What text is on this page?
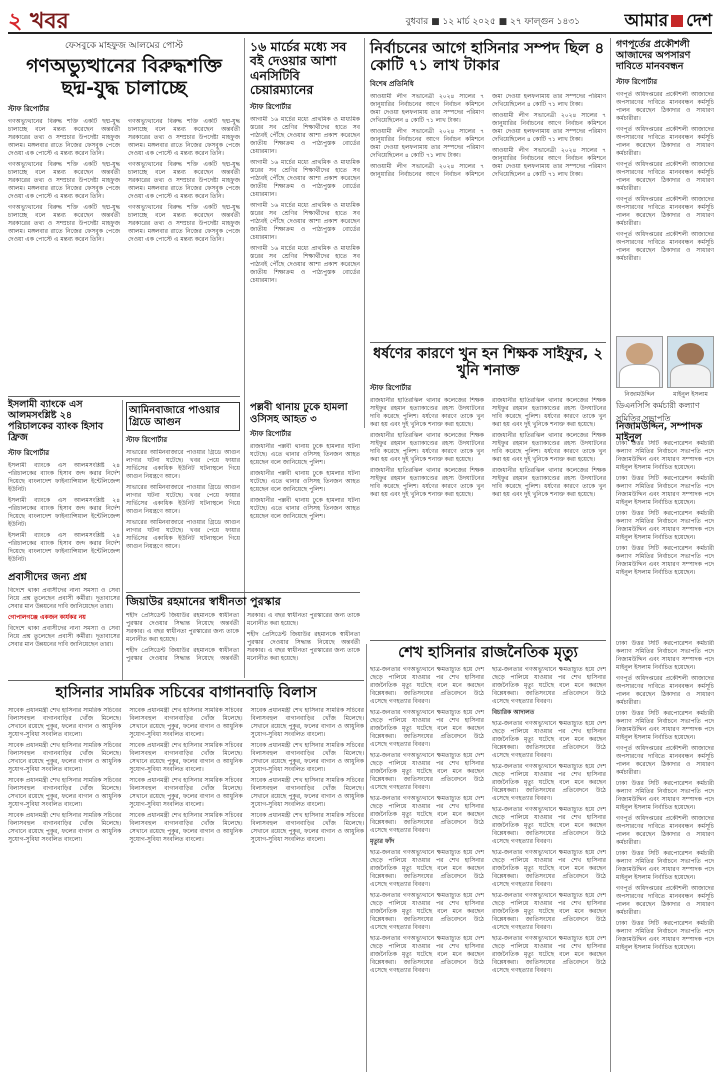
২ খবর	বুধবার ■ ১২ মার্চ ২০২৫ ■ ২৭ ফাল্গুন ১৪৩১	আমার দেশ
ফেসবুকে মাহফুজ আলমের পোস্ট
গণঅভ্যুত্থানের বিরুদ্ধশক্তি ছদ্ম-যুদ্ধ চালাচ্ছে
স্টাফ রিপোর্টার

গণঅভ্যুত্থানের বিরুদ্ধ শক্তি একটি ছদ্ম-যুদ্ধ চালাচ্ছে বলে মন্তব্য করেছেন অন্তর্বর্তী সরকারের তথ্য ও সম্প্রচার উপদেষ্টা মাহফুজ আলম। মঙ্গলবার রাতে নিজের ফেসবুক পেজে দেওয়া এক পোস্টে এ মন্তব্য করেন তিনি।

গণঅভ্যুত্থানের বিরুদ্ধ শক্তি একটি ছদ্ম-যুদ্ধ চালাচ্ছে বলে মন্তব্য করেছেন অন্তর্বর্তী সরকারের তথ্য ও সম্প্রচার উপদেষ্টা মাহফুজ আলম। মঙ্গলবার রাতে নিজের ফেসবুক পেজে দেওয়া এক পোস্টে এ মন্তব্য করেন তিনি।

গণঅভ্যুত্থানের বিরুদ্ধ শক্তি একটি ছদ্ম-যুদ্ধ চালাচ্ছে বলে মন্তব্য করেছেন অন্তর্বর্তী সরকারের তথ্য ও সম্প্রচার উপদেষ্টা মাহফুজ আলম। মঙ্গলবার রাতে নিজের ফেসবুক পেজে দেওয়া এক পোস্টে এ মন্তব্য করেন তিনি।

গণঅভ্যুত্থানের বিরুদ্ধ শক্তি একটি ছদ্ম-যুদ্ধ চালাচ্ছে বলে মন্তব্য করেছেন অন্তর্বর্তী সরকারের তথ্য ও সম্প্রচার উপদেষ্টা মাহফুজ আলম। মঙ্গলবার রাতে নিজের ফেসবুক পেজে দেওয়া এক পোস্টে এ মন্তব্য করেন তিনি।

গণঅভ্যুত্থানের বিরুদ্ধ শক্তি একটি ছদ্ম-যুদ্ধ চালাচ্ছে বলে মন্তব্য করেছেন অন্তর্বর্তী সরকারের তথ্য ও সম্প্রচার উপদেষ্টা মাহফুজ আলম। মঙ্গলবার রাতে নিজের ফেসবুক পেজে দেওয়া এক পোস্টে এ মন্তব্য করেন তিনি।

গণঅভ্যুত্থানের বিরুদ্ধ শক্তি একটি ছদ্ম-যুদ্ধ চালাচ্ছে বলে মন্তব্য করেছেন অন্তর্বর্তী সরকারের তথ্য ও সম্প্রচার উপদেষ্টা মাহফুজ আলম। মঙ্গলবার রাতে নিজের ফেসবুক পেজে দেওয়া এক পোস্টে এ মন্তব্য করেন তিনি।

১৬ মার্চের মধ্যে সব বই দেওয়ার আশা এনসিটিবি চেয়ারম্যানের
স্টাফ রিপোর্টার

আগামী ১৬ মার্চের মধ্যে প্রাথমিক ও মাধ্যমিক স্তরের সব শ্রেণির শিক্ষার্থীদের হাতে সব পাঠ্যবই পৌঁছে দেওয়ার আশা প্রকাশ করেছেন জাতীয় শিক্ষাক্রম ও পাঠ্যপুস্তক বোর্ডের চেয়ারম্যান।

আগামী ১৬ মার্চের মধ্যে প্রাথমিক ও মাধ্যমিক স্তরের সব শ্রেণির শিক্ষার্থীদের হাতে সব পাঠ্যবই পৌঁছে দেওয়ার আশা প্রকাশ করেছেন জাতীয় শিক্ষাক্রম ও পাঠ্যপুস্তক বোর্ডের চেয়ারম্যান।

আগামী ১৬ মার্চের মধ্যে প্রাথমিক ও মাধ্যমিক স্তরের সব শ্রেণির শিক্ষার্থীদের হাতে সব পাঠ্যবই পৌঁছে দেওয়ার আশা প্রকাশ করেছেন জাতীয় শিক্ষাক্রম ও পাঠ্যপুস্তক বোর্ডের চেয়ারম্যান।

আগামী ১৬ মার্চের মধ্যে প্রাথমিক ও মাধ্যমিক স্তরের সব শ্রেণির শিক্ষার্থীদের হাতে সব পাঠ্যবই পৌঁছে দেওয়ার আশা প্রকাশ করেছেন জাতীয় শিক্ষাক্রম ও পাঠ্যপুস্তক বোর্ডের চেয়ারম্যান।

নির্বাচনের আগে হাসিনার সম্পদ ছিল ৪ কোটি ৭১ লাখ টাকার
বিশেষ প্রতিনিধি

আওয়ামী লীগ সভানেত্রী ২০২৪ সালের ৭ জানুয়ারির নির্বাচনের আগে নির্বাচন কমিশনে জমা দেওয়া হলফনামায় তার সম্পদের পরিমাণ দেখিয়েছিলেন ৪ কোটি ৭১ লাখ টাকা।

আওয়ামী লীগ সভানেত্রী ২০২৪ সালের ৭ জানুয়ারির নির্বাচনের আগে নির্বাচন কমিশনে জমা দেওয়া হলফনামায় তার সম্পদের পরিমাণ দেখিয়েছিলেন ৪ কোটি ৭১ লাখ টাকা।

আওয়ামী লীগ সভানেত্রী ২০২৪ সালের ৭ জানুয়ারির নির্বাচনের আগে নির্বাচন কমিশনে জমা দেওয়া হলফনামায় তার সম্পদের পরিমাণ দেখিয়েছিলেন ৪ কোটি ৭১ লাখ টাকা।

আওয়ামী লীগ সভানেত্রী ২০২৪ সালের ৭ জানুয়ারির নির্বাচনের আগে নির্বাচন কমিশনে জমা দেওয়া হলফনামায় তার সম্পদের পরিমাণ দেখিয়েছিলেন ৪ কোটি ৭১ লাখ টাকা।

আওয়ামী লীগ সভানেত্রী ২০২৪ সালের ৭ জানুয়ারির নির্বাচনের আগে নির্বাচন কমিশনে জমা দেওয়া হলফনামায় তার সম্পদের পরিমাণ দেখিয়েছিলেন ৪ কোটি ৭১ লাখ টাকা।

গণপূর্তের প্রকৌশলী আজাদের অপসারণ দাবিতে মানববন্ধন
স্টাফ রিপোর্টার

গণপূর্ত অধিদপ্তরের প্রকৌশলী আজাদের অপসারণের দাবিতে মানববন্ধন কর্মসূচি পালন করেছেন ঠিকাদার ও সাধারণ কর্মচারীরা।

গণপূর্ত অধিদপ্তরের প্রকৌশলী আজাদের অপসারণের দাবিতে মানববন্ধন কর্মসূচি পালন করেছেন ঠিকাদার ও সাধারণ কর্মচারীরা।

গণপূর্ত অধিদপ্তরের প্রকৌশলী আজাদের অপসারণের দাবিতে মানববন্ধন কর্মসূচি পালন করেছেন ঠিকাদার ও সাধারণ কর্মচারীরা।

গণপূর্ত অধিদপ্তরের প্রকৌশলী আজাদের অপসারণের দাবিতে মানববন্ধন কর্মসূচি পালন করেছেন ঠিকাদার ও সাধারণ কর্মচারীরা।

গণপূর্ত অধিদপ্তরের প্রকৌশলী আজাদের অপসারণের দাবিতে মানববন্ধন কর্মসূচি পালন করেছেন ঠিকাদার ও সাধারণ কর্মচারীরা।

ইসলামী ব্যাংকে এস আলমসংশ্লিষ্ট ২৪ পরিচালকের ব্যাংক হিসাব ফ্রিজ
স্টাফ রিপোর্টার

ইসলামী ব্যাংকে এস আলমসংশ্লিষ্ট ২৪ পরিচালকের ব্যাংক হিসাব জব্দ করার নির্দেশ দিয়েছে বাংলাদেশ ফাইন্যান্সিয়াল ইন্টেলিজেন্স ইউনিট।

ইসলামী ব্যাংকে এস আলমসংশ্লিষ্ট ২৪ পরিচালকের ব্যাংক হিসাব জব্দ করার নির্দেশ দিয়েছে বাংলাদেশ ফাইন্যান্সিয়াল ইন্টেলিজেন্স ইউনিট।

ইসলামী ব্যাংকে এস আলমসংশ্লিষ্ট ২৪ পরিচালকের ব্যাংক হিসাব জব্দ করার নির্দেশ দিয়েছে বাংলাদেশ ফাইন্যান্সিয়াল ইন্টেলিজেন্স ইউনিট।

প্রবাসীদের জন্য প্রশ্ন

বিদেশে থাকা প্রবাসীদের নানা সমস্যা ও সেবা নিয়ে প্রশ্ন তুলেছেন প্রবাসী কর্মীরা। দূতাবাসের সেবার মান উন্নয়নের দাবি জানিয়েছেন তারা।

গোপালগঞ্জে একজন কার্যকর নয়

বিদেশে থাকা প্রবাসীদের নানা সমস্যা ও সেবা নিয়ে প্রশ্ন তুলেছেন প্রবাসী কর্মীরা। দূতাবাসের সেবার মান উন্নয়নের দাবি জানিয়েছেন তারা।

আমিনবাজারে পাওয়ার গ্রিডে আগুন
স্টাফ রিপোর্টার

সাভারের আমিনবাজারে পাওয়ার গ্রিডে আগুন লাগার ঘটনা ঘটেছে। খবর পেয়ে ফায়ার সার্ভিসের একাধিক ইউনিট ঘটনাস্থলে গিয়ে আগুন নিয়ন্ত্রণে আনে।

সাভারের আমিনবাজারে পাওয়ার গ্রিডে আগুন লাগার ঘটনা ঘটেছে। খবর পেয়ে ফায়ার সার্ভিসের একাধিক ইউনিট ঘটনাস্থলে গিয়ে আগুন নিয়ন্ত্রণে আনে।

সাভারের আমিনবাজারে পাওয়ার গ্রিডে আগুন লাগার ঘটনা ঘটেছে। খবর পেয়ে ফায়ার সার্ভিসের একাধিক ইউনিট ঘটনাস্থলে গিয়ে আগুন নিয়ন্ত্রণে আনে।

পল্লবী থানায় ঢুকে হামলা ওসিসহ আহত ৩
স্টাফ রিপোর্টার

রাজধানীর পল্লবী থানায় ঢুকে হামলার ঘটনা ঘটেছে। এতে থানার ওসিসহ তিনজন আহত হয়েছেন বলে জানিয়েছে পুলিশ।

রাজধানীর পল্লবী থানায় ঢুকে হামলার ঘটনা ঘটেছে। এতে থানার ওসিসহ তিনজন আহত হয়েছেন বলে জানিয়েছে পুলিশ।

রাজধানীর পল্লবী থানায় ঢুকে হামলার ঘটনা ঘটেছে। এতে থানার ওসিসহ তিনজন আহত হয়েছেন বলে জানিয়েছে পুলিশ।

ধর্ষণের কারণে খুন হন শিক্ষক সাইফুর, ২ খুনি শনাক্ত
স্টাফ রিপোর্টার

রাজধানীর হাতিরঝিল থানার কলেজের শিক্ষক সাইফুর রহমান হত্যাকাণ্ডের রহস্য উদঘাটনের দাবি করেছে পুলিশ। ধর্ষণের কারণে তাকে খুন করা হয় এবং দুই খুনিকে শনাক্ত করা হয়েছে।

রাজধানীর হাতিরঝিল থানার কলেজের শিক্ষক সাইফুর রহমান হত্যাকাণ্ডের রহস্য উদঘাটনের দাবি করেছে পুলিশ। ধর্ষণের কারণে তাকে খুন করা হয় এবং দুই খুনিকে শনাক্ত করা হয়েছে।

রাজধানীর হাতিরঝিল থানার কলেজের শিক্ষক সাইফুর রহমান হত্যাকাণ্ডের রহস্য উদঘাটনের দাবি করেছে পুলিশ। ধর্ষণের কারণে তাকে খুন করা হয় এবং দুই খুনিকে শনাক্ত করা হয়েছে।

রাজধানীর হাতিরঝিল থানার কলেজের শিক্ষক সাইফুর রহমান হত্যাকাণ্ডের রহস্য উদঘাটনের দাবি করেছে পুলিশ। ধর্ষণের কারণে তাকে খুন করা হয় এবং দুই খুনিকে শনাক্ত করা হয়েছে।

রাজধানীর হাতিরঝিল থানার কলেজের শিক্ষক সাইফুর রহমান হত্যাকাণ্ডের রহস্য উদঘাটনের দাবি করেছে পুলিশ। ধর্ষণের কারণে তাকে খুন করা হয় এবং দুই খুনিকে শনাক্ত করা হয়েছে।

রাজধানীর হাতিরঝিল থানার কলেজের শিক্ষক সাইফুর রহমান হত্যাকাণ্ডের রহস্য উদঘাটনের দাবি করেছে পুলিশ। ধর্ষণের কারণে তাকে খুন করা হয় এবং দুই খুনিকে শনাক্ত করা হয়েছে।

নিজামউদ্দিন	মাইনুল ইসলাম
ডিএনসিসি কর্মচারী কল্যাণ সমিতির সভাপতি
নিজামউদ্দিন, সম্পাদক মাইনুল

ঢাকা উত্তর সিটি করপোরেশন কর্মচারী কল্যাণ সমিতির নির্বাচনে সভাপতি পদে নিজামউদ্দিন এবং সাধারণ সম্পাদক পদে মাইনুল ইসলাম নির্বাচিত হয়েছেন।

ঢাকা উত্তর সিটি করপোরেশন কর্মচারী কল্যাণ সমিতির নির্বাচনে সভাপতি পদে নিজামউদ্দিন এবং সাধারণ সম্পাদক পদে মাইনুল ইসলাম নির্বাচিত হয়েছেন।

ঢাকা উত্তর সিটি করপোরেশন কর্মচারী কল্যাণ সমিতির নির্বাচনে সভাপতি পদে নিজামউদ্দিন এবং সাধারণ সম্পাদক পদে মাইনুল ইসলাম নির্বাচিত হয়েছেন।

ঢাকা উত্তর সিটি করপোরেশন কর্মচারী কল্যাণ সমিতির নির্বাচনে সভাপতি পদে নিজামউদ্দিন এবং সাধারণ সম্পাদক পদে মাইনুল ইসলাম নির্বাচিত হয়েছেন।

জিয়াউর রহমানের স্বাধীনতা পুরস্কার

শহীদ প্রেসিডেন্ট জিয়াউর রহমানকে স্বাধীনতা পুরস্কার দেওয়ার সিদ্ধান্ত নিয়েছে অন্তর্বর্তী সরকার। এ বছর স্বাধীনতা পুরস্কারের জন্য তাকে মনোনীত করা হয়েছে।

শহীদ প্রেসিডেন্ট জিয়াউর রহমানকে স্বাধীনতা পুরস্কার দেওয়ার সিদ্ধান্ত নিয়েছে অন্তর্বর্তী সরকার। এ বছর স্বাধীনতা পুরস্কারের জন্য তাকে মনোনীত করা হয়েছে।

শহীদ প্রেসিডেন্ট জিয়াউর রহমানকে স্বাধীনতা পুরস্কার দেওয়ার সিদ্ধান্ত নিয়েছে অন্তর্বর্তী সরকার। এ বছর স্বাধীনতা পুরস্কারের জন্য তাকে মনোনীত করা হয়েছে।	শেখ হাসিনার রাজনৈতিক মৃত্যু

ছাত্র-জনতার গণঅভ্যুত্থানে ক্ষমতাচ্যুত হয়ে দেশ ছেড়ে পালিয়ে যাওয়ার পর শেখ হাসিনার রাজনৈতিক মৃত্যু ঘটেছে বলে মনে করছেন বিশ্লেষকরা। জাতিসংঘের প্রতিবেদনে উঠে এসেছে গণহত্যার বিবরণ।

ছাত্র-জনতার গণঅভ্যুত্থানে ক্ষমতাচ্যুত হয়ে দেশ ছেড়ে পালিয়ে যাওয়ার পর শেখ হাসিনার রাজনৈতিক মৃত্যু ঘটেছে বলে মনে করছেন বিশ্লেষকরা। জাতিসংঘের প্রতিবেদনে উঠে এসেছে গণহত্যার বিবরণ।

ছাত্র-জনতার গণঅভ্যুত্থানে ক্ষমতাচ্যুত হয়ে দেশ ছেড়ে পালিয়ে যাওয়ার পর শেখ হাসিনার রাজনৈতিক মৃত্যু ঘটেছে বলে মনে করছেন বিশ্লেষকরা। জাতিসংঘের প্রতিবেদনে উঠে এসেছে গণহত্যার বিবরণ।

ছাত্র-জনতার গণঅভ্যুত্থানে ক্ষমতাচ্যুত হয়ে দেশ ছেড়ে পালিয়ে যাওয়ার পর শেখ হাসিনার রাজনৈতিক মৃত্যু ঘটেছে বলে মনে করছেন বিশ্লেষকরা। জাতিসংঘের প্রতিবেদনে উঠে এসেছে গণহত্যার বিবরণ।

মৃত্যুর ফাঁদ

ছাত্র-জনতার গণঅভ্যুত্থানে ক্ষমতাচ্যুত হয়ে দেশ ছেড়ে পালিয়ে যাওয়ার পর শেখ হাসিনার রাজনৈতিক মৃত্যু ঘটেছে বলে মনে করছেন বিশ্লেষকরা। জাতিসংঘের প্রতিবেদনে উঠে এসেছে গণহত্যার বিবরণ।

ছাত্র-জনতার গণঅভ্যুত্থানে ক্ষমতাচ্যুত হয়ে দেশ ছেড়ে পালিয়ে যাওয়ার পর শেখ হাসিনার রাজনৈতিক মৃত্যু ঘটেছে বলে মনে করছেন বিশ্লেষকরা। জাতিসংঘের প্রতিবেদনে উঠে এসেছে গণহত্যার বিবরণ।

ছাত্র-জনতার গণঅভ্যুত্থানে ক্ষমতাচ্যুত হয়ে দেশ ছেড়ে পালিয়ে যাওয়ার পর শেখ হাসিনার রাজনৈতিক মৃত্যু ঘটেছে বলে মনে করছেন বিশ্লেষকরা। জাতিসংঘের প্রতিবেদনে উঠে এসেছে গণহত্যার বিবরণ।

ছাত্র-জনতার গণঅভ্যুত্থানে ক্ষমতাচ্যুত হয়ে দেশ ছেড়ে পালিয়ে যাওয়ার পর শেখ হাসিনার রাজনৈতিক মৃত্যু ঘটেছে বলে মনে করছেন বিশ্লেষকরা। জাতিসংঘের প্রতিবেদনে উঠে এসেছে গণহত্যার বিবরণ।

বিচারিক আদালত

ছাত্র-জনতার গণঅভ্যুত্থানে ক্ষমতাচ্যুত হয়ে দেশ ছেড়ে পালিয়ে যাওয়ার পর শেখ হাসিনার রাজনৈতিক মৃত্যু ঘটেছে বলে মনে করছেন বিশ্লেষকরা। জাতিসংঘের প্রতিবেদনে উঠে এসেছে গণহত্যার বিবরণ।

ছাত্র-জনতার গণঅভ্যুত্থানে ক্ষমতাচ্যুত হয়ে দেশ ছেড়ে পালিয়ে যাওয়ার পর শেখ হাসিনার রাজনৈতিক মৃত্যু ঘটেছে বলে মনে করছেন বিশ্লেষকরা। জাতিসংঘের প্রতিবেদনে উঠে এসেছে গণহত্যার বিবরণ।

ছাত্র-জনতার গণঅভ্যুত্থানে ক্ষমতাচ্যুত হয়ে দেশ ছেড়ে পালিয়ে যাওয়ার পর শেখ হাসিনার রাজনৈতিক মৃত্যু ঘটেছে বলে মনে করছেন বিশ্লেষকরা। জাতিসংঘের প্রতিবেদনে উঠে এসেছে গণহত্যার বিবরণ।

ছাত্র-জনতার গণঅভ্যুত্থানে ক্ষমতাচ্যুত হয়ে দেশ ছেড়ে পালিয়ে যাওয়ার পর শেখ হাসিনার রাজনৈতিক মৃত্যু ঘটেছে বলে মনে করছেন বিশ্লেষকরা। জাতিসংঘের প্রতিবেদনে উঠে এসেছে গণহত্যার বিবরণ।

ছাত্র-জনতার গণঅভ্যুত্থানে ক্ষমতাচ্যুত হয়ে দেশ ছেড়ে পালিয়ে যাওয়ার পর শেখ হাসিনার রাজনৈতিক মৃত্যু ঘটেছে বলে মনে করছেন বিশ্লেষকরা। জাতিসংঘের প্রতিবেদনে উঠে এসেছে গণহত্যার বিবরণ।

ছাত্র-জনতার গণঅভ্যুত্থানে ক্ষমতাচ্যুত হয়ে দেশ ছেড়ে পালিয়ে যাওয়ার পর শেখ হাসিনার রাজনৈতিক মৃত্যু ঘটেছে বলে মনে করছেন বিশ্লেষকরা। জাতিসংঘের প্রতিবেদনে উঠে এসেছে গণহত্যার বিবরণ।

হাসিনার সামরিক সচিবের বাগানবাড়ি বিলাস

সাবেক প্রধানমন্ত্রী শেখ হাসিনার সামরিক সচিবের বিলাসবহুল বাগানবাড়ির খোঁজ মিলেছে। সেখানে রয়েছে পুকুর, ফলের বাগান ও আধুনিক সুযোগ-সুবিধা সংবলিত বাংলো।

সাবেক প্রধানমন্ত্রী শেখ হাসিনার সামরিক সচিবের বিলাসবহুল বাগানবাড়ির খোঁজ মিলেছে। সেখানে রয়েছে পুকুর, ফলের বাগান ও আধুনিক সুযোগ-সুবিধা সংবলিত বাংলো।

সাবেক প্রধানমন্ত্রী শেখ হাসিনার সামরিক সচিবের বিলাসবহুল বাগানবাড়ির খোঁজ মিলেছে। সেখানে রয়েছে পুকুর, ফলের বাগান ও আধুনিক সুযোগ-সুবিধা সংবলিত বাংলো।

সাবেক প্রধানমন্ত্রী শেখ হাসিনার সামরিক সচিবের বিলাসবহুল বাগানবাড়ির খোঁজ মিলেছে। সেখানে রয়েছে পুকুর, ফলের বাগান ও আধুনিক সুযোগ-সুবিধা সংবলিত বাংলো।

সাবেক প্রধানমন্ত্রী শেখ হাসিনার সামরিক সচিবের বিলাসবহুল বাগানবাড়ির খোঁজ মিলেছে। সেখানে রয়েছে পুকুর, ফলের বাগান ও আধুনিক সুযোগ-সুবিধা সংবলিত বাংলো।

সাবেক প্রধানমন্ত্রী শেখ হাসিনার সামরিক সচিবের বিলাসবহুল বাগানবাড়ির খোঁজ মিলেছে। সেখানে রয়েছে পুকুর, ফলের বাগান ও আধুনিক সুযোগ-সুবিধা সংবলিত বাংলো।

সাবেক প্রধানমন্ত্রী শেখ হাসিনার সামরিক সচিবের বিলাসবহুল বাগানবাড়ির খোঁজ মিলেছে। সেখানে রয়েছে পুকুর, ফলের বাগান ও আধুনিক সুযোগ-সুবিধা সংবলিত বাংলো।

সাবেক প্রধানমন্ত্রী শেখ হাসিনার সামরিক সচিবের বিলাসবহুল বাগানবাড়ির খোঁজ মিলেছে। সেখানে রয়েছে পুকুর, ফলের বাগান ও আধুনিক সুযোগ-সুবিধা সংবলিত বাংলো।

সাবেক প্রধানমন্ত্রী শেখ হাসিনার সামরিক সচিবের বিলাসবহুল বাগানবাড়ির খোঁজ মিলেছে। সেখানে রয়েছে পুকুর, ফলের বাগান ও আধুনিক সুযোগ-সুবিধা সংবলিত বাংলো।

সাবেক প্রধানমন্ত্রী শেখ হাসিনার সামরিক সচিবের বিলাসবহুল বাগানবাড়ির খোঁজ মিলেছে। সেখানে রয়েছে পুকুর, ফলের বাগান ও আধুনিক সুযোগ-সুবিধা সংবলিত বাংলো।

সাবেক প্রধানমন্ত্রী শেখ হাসিনার সামরিক সচিবের বিলাসবহুল বাগানবাড়ির খোঁজ মিলেছে। সেখানে রয়েছে পুকুর, ফলের বাগান ও আধুনিক সুযোগ-সুবিধা সংবলিত বাংলো।

সাবেক প্রধানমন্ত্রী শেখ হাসিনার সামরিক সচিবের বিলাসবহুল বাগানবাড়ির খোঁজ মিলেছে। সেখানে রয়েছে পুকুর, ফলের বাগান ও আধুনিক সুযোগ-সুবিধা সংবলিত বাংলো।

ঢাকা উত্তর সিটি করপোরেশন কর্মচারী কল্যাণ সমিতির নির্বাচনে সভাপতি পদে নিজামউদ্দিন এবং সাধারণ সম্পাদক পদে মাইনুল ইসলাম নির্বাচিত হয়েছেন।

গণপূর্ত অধিদপ্তরের প্রকৌশলী আজাদের অপসারণের দাবিতে মানববন্ধন কর্মসূচি পালন করেছেন ঠিকাদার ও সাধারণ কর্মচারীরা।

ঢাকা উত্তর সিটি করপোরেশন কর্মচারী কল্যাণ সমিতির নির্বাচনে সভাপতি পদে নিজামউদ্দিন এবং সাধারণ সম্পাদক পদে মাইনুল ইসলাম নির্বাচিত হয়েছেন।

গণপূর্ত অধিদপ্তরের প্রকৌশলী আজাদের অপসারণের দাবিতে মানববন্ধন কর্মসূচি পালন করেছেন ঠিকাদার ও সাধারণ কর্মচারীরা।

ঢাকা উত্তর সিটি করপোরেশন কর্মচারী কল্যাণ সমিতির নির্বাচনে সভাপতি পদে নিজামউদ্দিন এবং সাধারণ সম্পাদক পদে মাইনুল ইসলাম নির্বাচিত হয়েছেন।

গণপূর্ত অধিদপ্তরের প্রকৌশলী আজাদের অপসারণের দাবিতে মানববন্ধন কর্মসূচি পালন করেছেন ঠিকাদার ও সাধারণ কর্মচারীরা।

ঢাকা উত্তর সিটি করপোরেশন কর্মচারী কল্যাণ সমিতির নির্বাচনে সভাপতি পদে নিজামউদ্দিন এবং সাধারণ সম্পাদক পদে মাইনুল ইসলাম নির্বাচিত হয়েছেন।

গণপূর্ত অধিদপ্তরের প্রকৌশলী আজাদের অপসারণের দাবিতে মানববন্ধন কর্মসূচি পালন করেছেন ঠিকাদার ও সাধারণ কর্মচারীরা।

ঢাকা উত্তর সিটি করপোরেশন কর্মচারী কল্যাণ সমিতির নির্বাচনে সভাপতি পদে নিজামউদ্দিন এবং সাধারণ সম্পাদক পদে মাইনুল ইসলাম নির্বাচিত হয়েছেন।
